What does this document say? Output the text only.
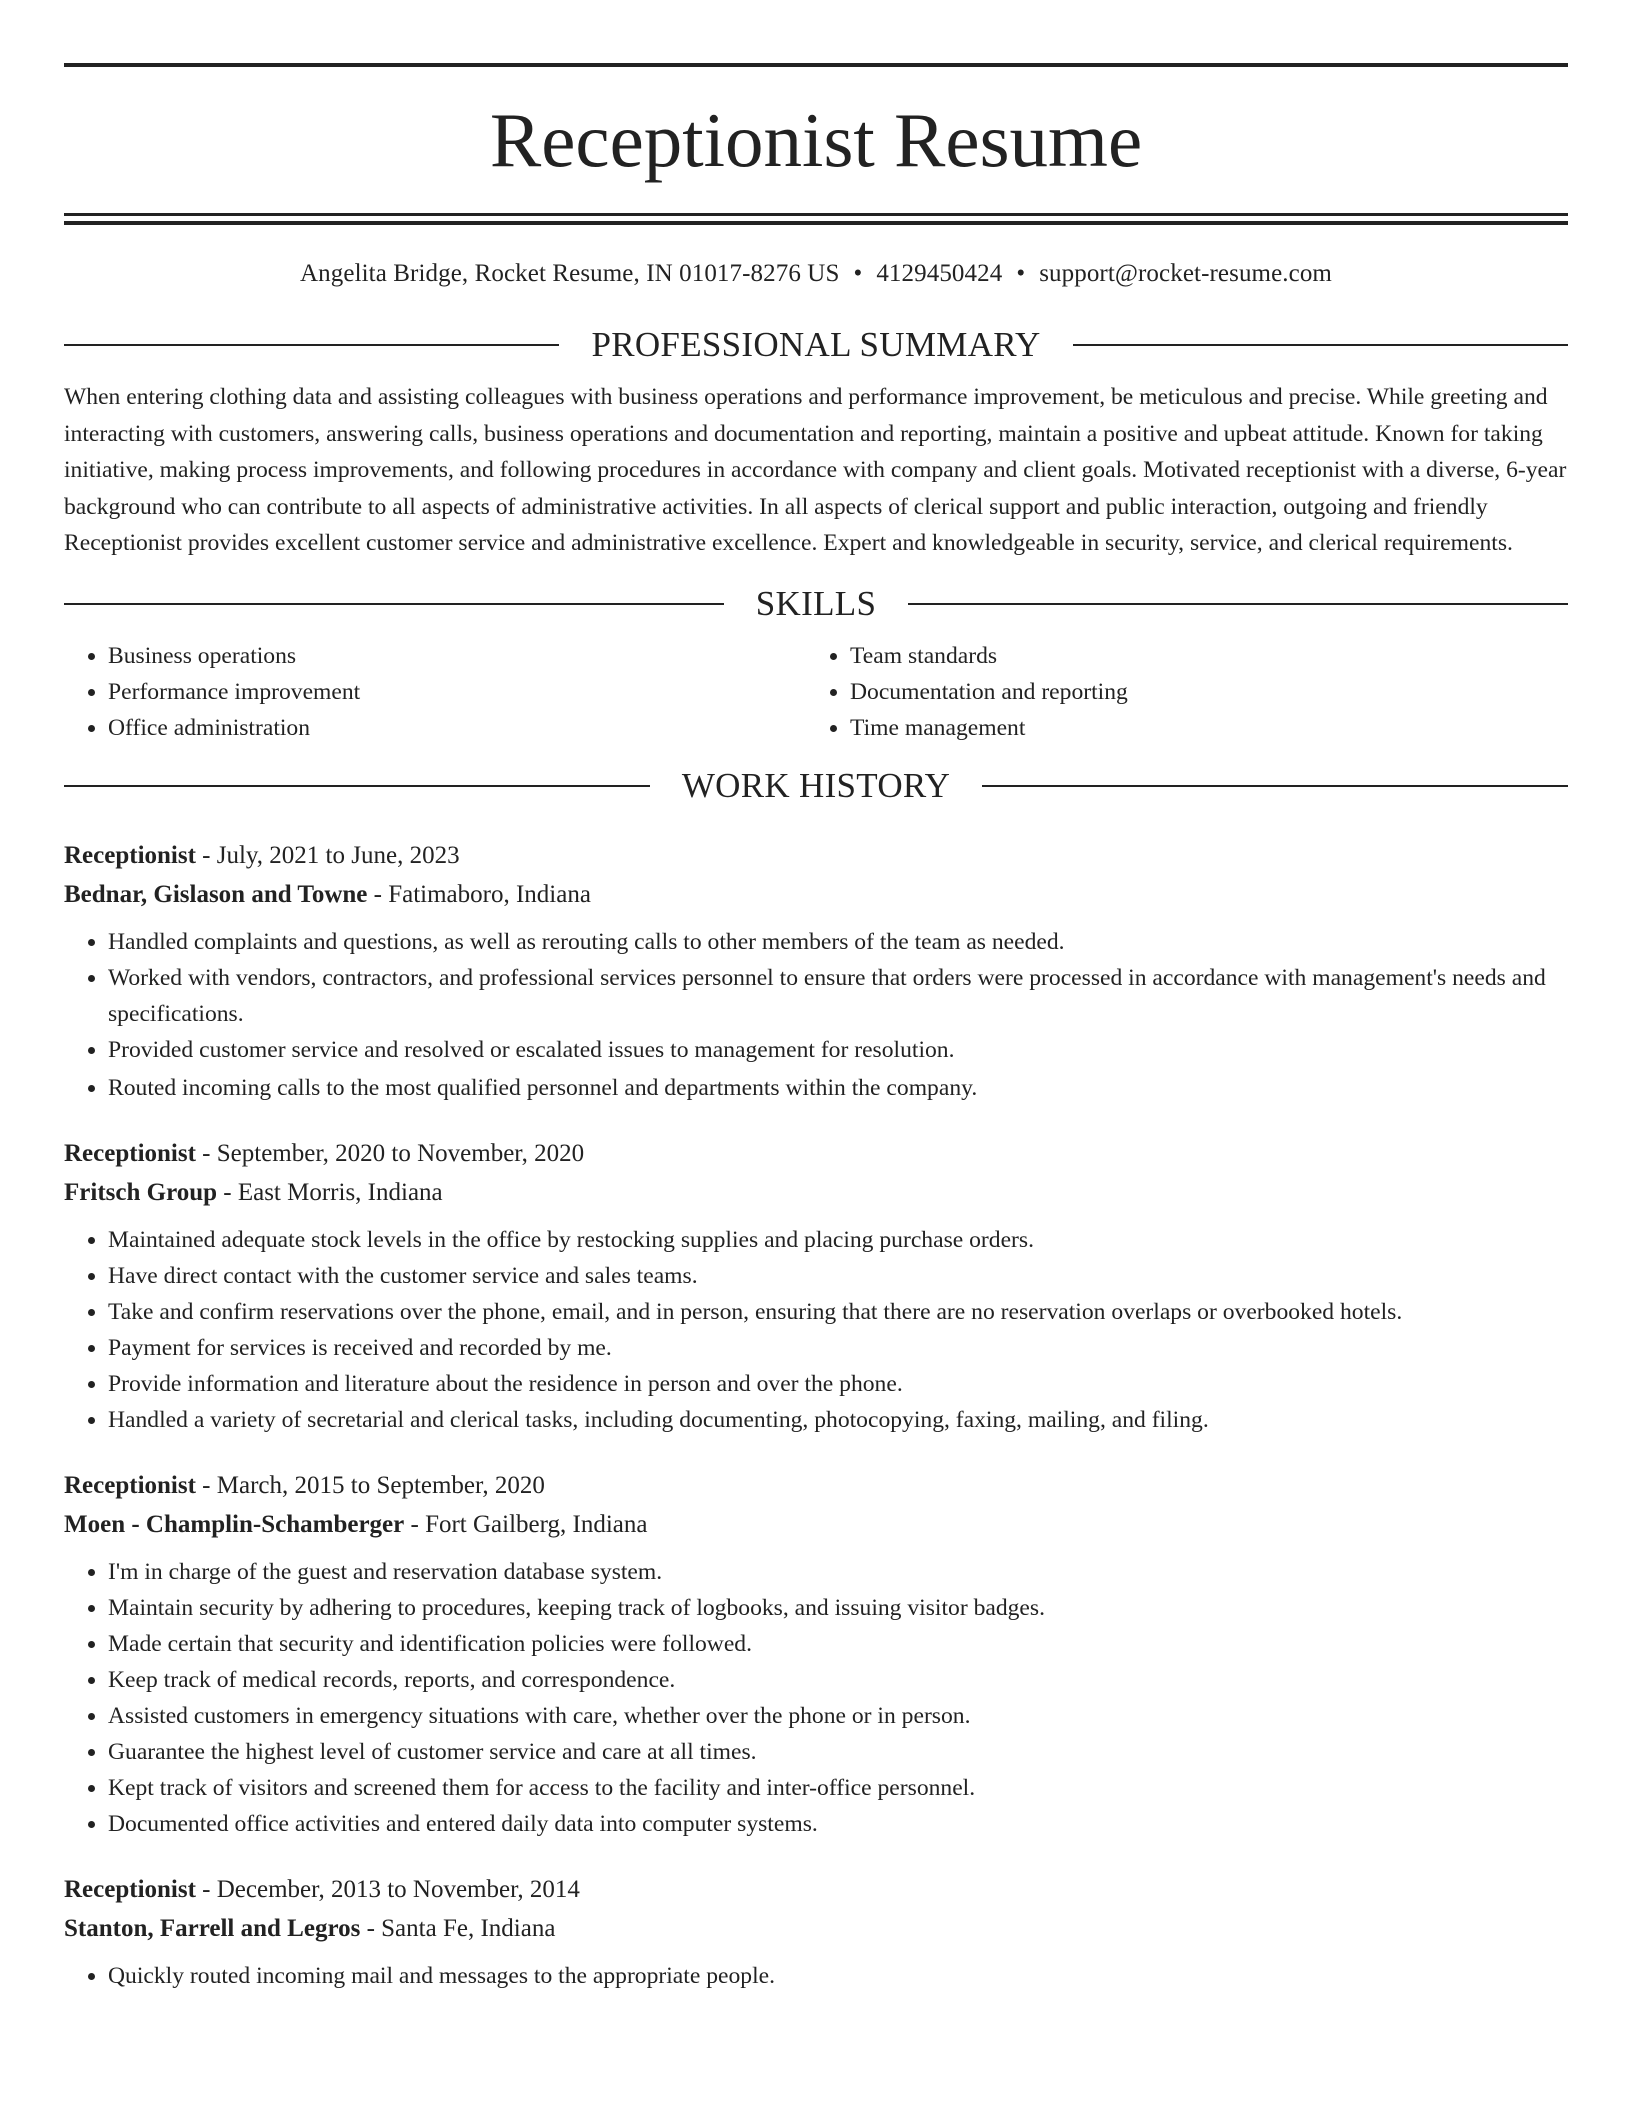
Receptionist Resume
Angelita Bridge, Rocket Resume, IN 01017-8276 US • 4129450424 • support@rocket-resume.com
PROFESSIONAL SUMMARY

When entering clothing data and assisting colleagues with business operations and performance improvement, be meticulous and precise. While greeting and interacting with customers, answering calls, business operations and documentation and reporting, maintain a positive and upbeat attitude. Known for taking initiative, making process improvements, and following procedures in accordance with company and client goals. Motivated receptionist with a diverse, 6-year background who can contribute to all aspects of administrative activities. In all aspects of clerical support and public interaction, outgoing and friendly Receptionist provides excellent customer service and administrative excellence. Expert and knowledgeable in security, service, and clerical requirements.

SKILLS
• Business operations
• Performance improvement
• Office administration
• Team standards
• Documentation and reporting
• Time management
WORK HISTORY
Receptionist - July, 2021 to June, 2023
Bednar, Gislason and Towne - Fatimaboro, Indiana
• Handled complaints and questions, as well as rerouting calls to other members of the team as needed.
• Worked with vendors, contractors, and professional services personnel to ensure that orders were processed in accordance with management's needs and specifications.
• Provided customer service and resolved or escalated issues to management for resolution.
• Routed incoming calls to the most qualified personnel and departments within the company.
Receptionist - September, 2020 to November, 2020
Fritsch Group - East Morris, Indiana
• Maintained adequate stock levels in the office by restocking supplies and placing purchase orders.
• Have direct contact with the customer service and sales teams.
• Take and confirm reservations over the phone, email, and in person, ensuring that there are no reservation overlaps or overbooked hotels.
• Payment for services is received and recorded by me.
• Provide information and literature about the residence in person and over the phone.
• Handled a variety of secretarial and clerical tasks, including documenting, photocopying, faxing, mailing, and filing.
Receptionist - March, 2015 to September, 2020
Moen - Champlin-Schamberger - Fort Gailberg, Indiana
• I'm in charge of the guest and reservation database system.
• Maintain security by adhering to procedures, keeping track of logbooks, and issuing visitor badges.
• Made certain that security and identification policies were followed.
• Keep track of medical records, reports, and correspondence.
• Assisted customers in emergency situations with care, whether over the phone or in person.
• Guarantee the highest level of customer service and care at all times.
• Kept track of visitors and screened them for access to the facility and inter-office personnel.
• Documented office activities and entered daily data into computer systems.
Receptionist - December, 2013 to November, 2014
Stanton, Farrell and Legros - Santa Fe, Indiana
• Quickly routed incoming mail and messages to the appropriate people.
